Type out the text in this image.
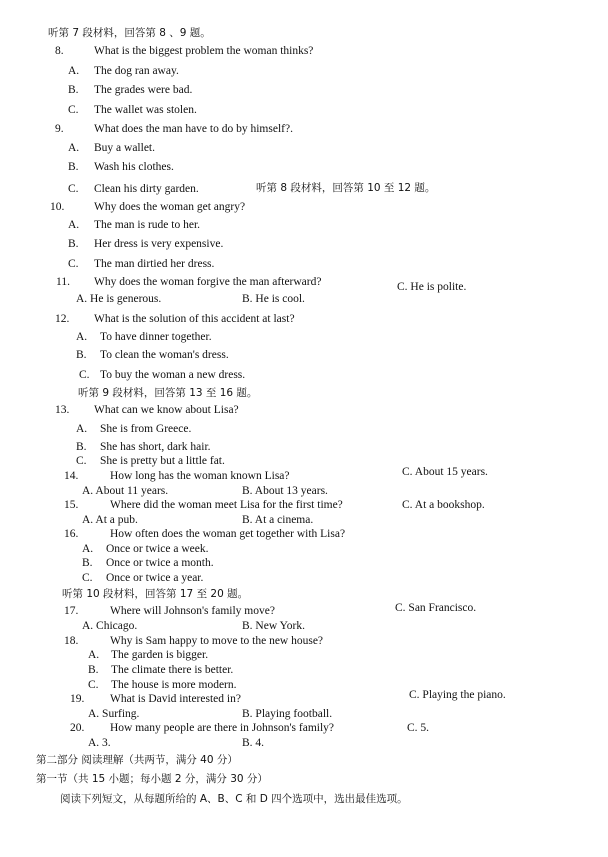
听第 7 段材料，回答第 8 、9 题。
8.	What is the biggest problem the woman thinks?
A. The dog ran away.
B. The grades were bad.
C. The wallet was stolen.
9.	What does the man have to do by himself?.
A. Buy a wallet.
B. Wash his clothes.
C. Clean his dirty garden.	听第 8 段材料，回答第 10 至 12 题。
10.	Why does the woman get angry?
A. The man is rude to her.
B. Her dress is very expensive.
C. The man dirtied her dress.
11. Why does the woman forgive the man afterward?	C. He is polite.
A. He is generous.	B. He is cool.
12. What is the solution of this accident at last?
A. To have dinner together.
B. To clean the woman's dress.
C. To buy the woman a new dress.
听第 9 段材料，回答第 13 至 16 题。
13. What can we know about Lisa?
A. She is from Greece.
B. She has short, dark hair.
C. She is pretty but a little fat.
14.	How long has the woman known Lisa?	C. About 15 years.
A. About 11 years.	B. About 13 years.
15.	Where did the woman meet Lisa for the first time?	C. At a bookshop.
A. At a pub.	B. At a cinema.
16.	How often does the woman get together with Lisa?
A. Once or twice a week.
B. Once or twice a month.
C. Once or twice a year.
听第 10 段材料，回答第 17 至 20 题。
17.	Where will Johnson's family move?	C. San Francisco.
A. Chicago.	B. New York.
18.	Why is Sam happy to move to the new house?
A. The garden is bigger.
B. The climate there is better.
C. The house is more modern.
19. What is David interested in?	C. Playing the piano.
A. Surfing.	B. Playing football.
20. How many people are there in Johnson's family?	C. 5.
A. 3.	B. 4.
第二部分 阅读理解（共两节，满分 40 分）
第一节（共 15 小题；每小题 2 分，满分 30 分）
阅读下列短文，从每题所给的 A、B、C 和 D 四个选项中，选出最佳选项。
